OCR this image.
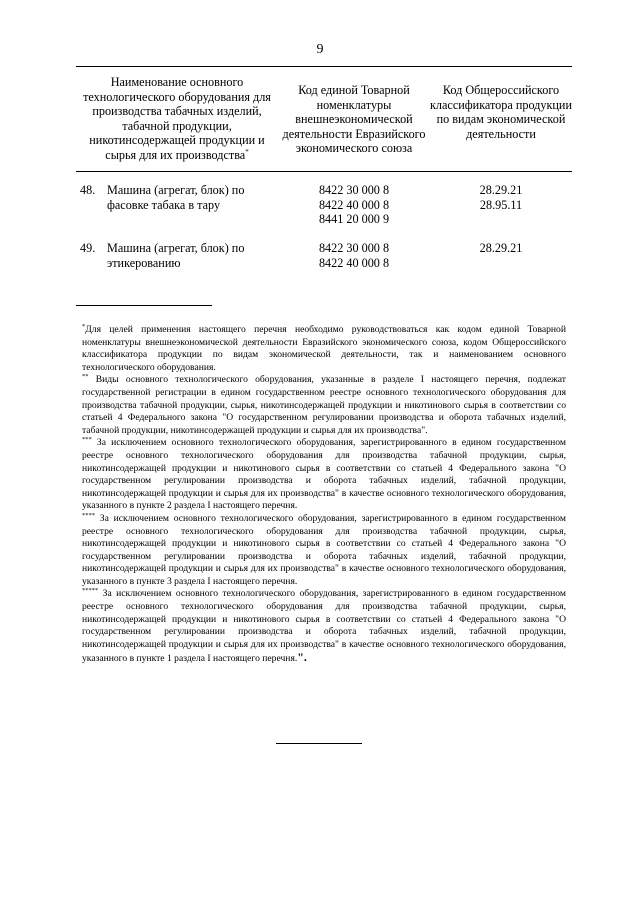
9
Наименование основного технологического оборудования для производства табачных изделий, табачной продукции, никотинсодержащей продукции и сырья для их производства*
Код единой Товарной номенклатуры внешнеэкономической деятельности Евразийского экономического союза
Код Общероссийского классификатора продукции по видам экономической деятельности
48. Машина (агрегат, блок) по фасовке табака в тару
8422 30 000 8
8422 40 000 8
8441 20 000 9
28.29.21
28.95.11
49. Машина (агрегат, блок) по этикерованию
8422 30 000 8
8422 40 000 8
28.29.21

*Для целей применения настоящего перечня необходимо руководствоваться как кодом единой Товарной номенклатуры внешнеэкономической деятельности Евразийского экономического союза, кодом Общероссийского классификатора продукции по видам экономической деятельности, так и наименованием основного технологического оборудования.

** Виды основного технологического оборудования, указанные в разделе I настоящего перечня, подлежат государственной регистрации в едином государственном реестре основного технологического оборудования для производства табачной продукции, сырья, никотинсодержащей продукции и никотинового сырья в соответствии со статьей 4 Федерального закона "О государственном регулировании производства и оборота табачных изделий, табачной продукции, никотинсодержащей продукции и сырья для их производства".

*** За исключением основного технологического оборудования, зарегистрированного в едином государственном реестре основного технологического оборудования для производства табачной продукции, сырья, никотинсодержащей продукции и никотинового сырья в соответствии со статьей 4 Федерального закона "О государственном регулировании производства и оборота табачных изделий, табачной продукции, никотинсодержащей продукции и сырья для их производства" в качестве основного технологического оборудования, указанного в пункте 2 раздела I настоящего перечня.

**** За исключением основного технологического оборудования, зарегистрированного в едином государственном реестре основного технологического оборудования для производства табачной продукции, сырья, никотинсодержащей продукции и никотинового сырья в соответствии со статьей 4 Федерального закона "О государственном регулировании производства и оборота табачных изделий, табачной продукции, никотинсодержащей продукции и сырья для их производства" в качестве основного технологического оборудования, указанного в пункте 3 раздела I настоящего перечня.

***** За исключением основного технологического оборудования, зарегистрированного в едином государственном реестре основного технологического оборудования для производства табачной продукции, сырья, никотинсодержащей продукции и никотинового сырья в соответствии со статьей 4 Федерального закона "О государственном регулировании производства и оборота табачных изделий, табачной продукции, никотинсодержащей продукции и сырья для их производства" в качестве основного технологического оборудования, указанного в пункте 1 раздела I настоящего перечня.".
